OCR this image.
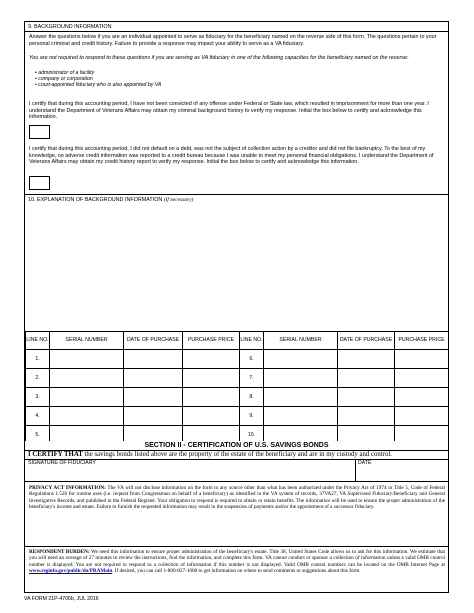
9. BACKGROUND INFORMATION
Answer the questions below if you are an individual appointed to serve as fiduciary for the beneficiary named on the reverse side of this form. The questions pertain to your personal criminal and credit history. Failure to provide a response may impact your ability to serve as a VA fiduciary.
You are not required to respond to these questions if you are serving as VA fiduciary in one of the following capacities for the beneficiary named on the reverse:
• administrator of a facility
• company or corporation
• court-appointed fiduciary who is also appointed by VA
I certify that during this accounting period, I have not been convicted of any offense under Federal or State law, which resulted in imprisonment for more than one year. I understand the Department of Veterans Affairs may obtain my criminal background history to verify my response. Initial the box below to certify and acknowledge this information.
I certify that during this accounting period, I did not default on a debt, was not the subject of collection action by a creditor and did not file bankruptcy. To the best of my knowledge, no adverse credit information was reported to a credit bureau because I was unable to meet my personal financial obligations. I understand the Department of Veterans Affairs may obtain my credit history report to verify my response. Initial the box below to certify and acknowledge this information.
10. EXPLANATION OF BACKGROUND INFORMATION (If necessary)
LINE NO.	SERIAL NUMBER	DATE OF PURCHASE	PURCHASE PRICE	LINE NO.	SERIAL NUMBER	DATE OF PURCHASE	PURCHASE PRICE
1.				6.			
2.				7.			
3.				8.			
4.				9.			
5.				10.			
SECTION II - CERTIFICATION OF U.S. SAVINGS BONDS
I CERTIFY THAT the savings bonds listed above are the property of the estate of the beneficiary and are in my custody and control.
SIGNATURE OF FIDUCIARY	DATE
PRIVACY ACT INFORMATION: The VA will not disclose information on the form to any source other than what has been authorized under the Privacy Act of 1974 or Title 5, Code of Federal Regulations 1.526 for routine uses (i.e. request from Congressman on behalf of a beneficiary) as identified in the VA system of records, 37VA27, VA Supervised Fiduciary/Beneficiary and General Investigative Records, and published in the Federal Register. Your obligation to respond is required to obtain or retain benefits. The information will be used to ensure the proper administration of the beneficiary's income and estate. Failure to furnish the requested information may result in the suspension of payments and/or the appointment of a successor fiduciary.
RESPONDENT BURDEN: We need this information to ensure proper administration of the beneficiary's estate. Title 38, United States Code allows us to ask for this information. We estimate that you will need an average of 27 minutes to review the instructions, find the information, and complete this form. VA cannot conduct or sponsor a collection of information unless a valid OMB control number is displayed. You are not required to respond to a collection of information if this number is not displayed. Valid OMB control numbers can be located on the OMB Internet Page at www.reginfo.gov/public/do/PRAMain. If desired, you can call 1-800-827-1000 to get information on where to send comments or suggestions about this form.
VA FORM 21P-4706b, JUL 2016
